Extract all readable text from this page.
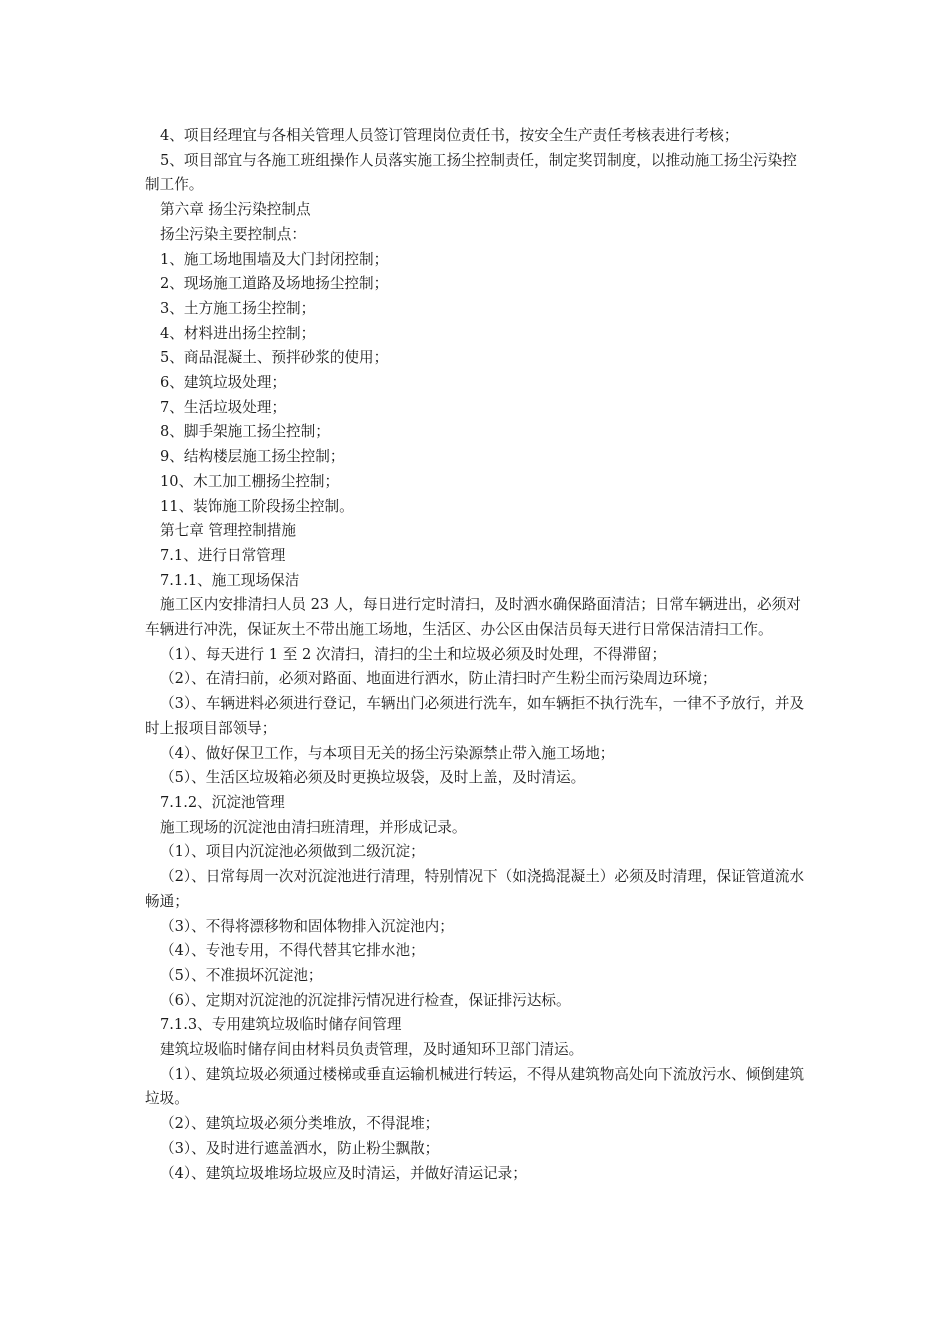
4、项目经理宜与各相关管理人员签订管理岗位责任书，按安全生产责任考核表进行考核；

5、项目部宜与各施工班组操作人员落实施工扬尘控制责任，制定奖罚制度，以推动施工扬尘污染控制工作。

第六章 扬尘污染控制点

扬尘污染主要控制点：

1、施工场地围墙及大门封闭控制；

2、现场施工道路及场地扬尘控制；

3、土方施工扬尘控制；

4、材料进出扬尘控制；

5、商品混凝土、预拌砂浆的使用；

6、建筑垃圾处理；

7、生活垃圾处理；

8、脚手架施工扬尘控制；

9、结构楼层施工扬尘控制；

10、木工加工棚扬尘控制；

11、装饰施工阶段扬尘控制。

第七章 管理控制措施

7.1、进行日常管理

7.1.1、施工现场保洁

施工区内安排清扫人员 23 人，每日进行定时清扫，及时洒水确保路面清洁；日常车辆进出，必须对车辆进行冲洗，保证灰土不带出施工场地，生活区、办公区由保洁员每天进行日常保洁清扫工作。

（1）、每天进行 1 至 2 次清扫，清扫的尘土和垃圾必须及时处理，不得滞留；

（2）、在清扫前，必须对路面、地面进行洒水，防止清扫时产生粉尘而污染周边环境；

（3）、车辆进料必须进行登记，车辆出门必须进行洗车，如车辆拒不执行洗车，一律不予放行，并及时上报项目部领导；

（4）、做好保卫工作，与本项目无关的扬尘污染源禁止带入施工场地；

（5）、生活区垃圾箱必须及时更换垃圾袋，及时上盖，及时清运。

7.1.2、沉淀池管理

施工现场的沉淀池由清扫班清理，并形成记录。

（1）、项目内沉淀池必须做到二级沉淀；

（2）、日常每周一次对沉淀池进行清理，特别情况下（如浇捣混凝土）必须及时清理，保证管道流水畅通；

（3）、不得将漂移物和固体物排入沉淀池内；

（4）、专池专用，不得代替其它排水池；

（5）、不准损坏沉淀池；

（6）、定期对沉淀池的沉淀排污情况进行检查，保证排污达标。

7.1.3、专用建筑垃圾临时储存间管理

建筑垃圾临时储存间由材料员负责管理，及时通知环卫部门清运。

（1）、建筑垃圾必须通过楼梯或垂直运输机械进行转运，不得从建筑物高处向下流放污水、倾倒建筑垃圾。

（2）、建筑垃圾必须分类堆放，不得混堆；

（3）、及时进行遮盖洒水，防止粉尘飘散；

（4）、建筑垃圾堆场垃圾应及时清运，并做好清运记录；
